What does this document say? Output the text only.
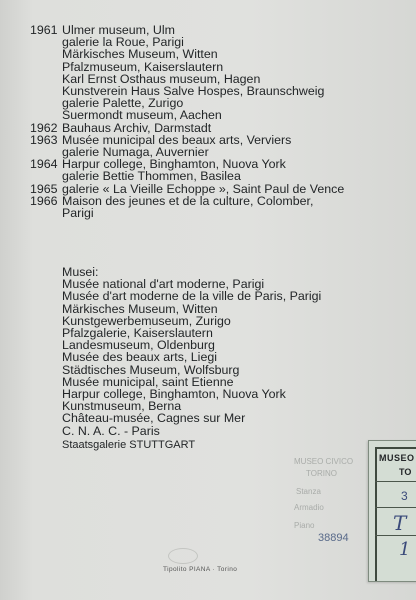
1961 Ulmer museum, Ulm
galerie la Roue, Parigi
Märkisches Museum, Witten
Pfalzmuseum, Kaiserslautern
Karl Ernst Osthaus museum, Hagen
Kunstverein Haus Salve Hospes, Braunschweig
galerie Palette, Zurigo
Suermondt museum, Aachen
1962 Bauhaus Archiv, Darmstadt
1963 Musée municipal des beaux arts, Verviers
galerie Numaga, Auvernier
1964 Harpur college, Binghamton, Nuova York
galerie Bettie Thommen, Basilea
1965 galerie « La Vieille Echoppe », Saint Paul de Vence
1966 Maison des jeunes et de la culture, Colomber,
Parigi
Musei:
Musée national d'art moderne, Parigi
Musée d'art moderne de la ville de Paris, Parigi
Märkisches Museum, Witten
Kunstgewerbemuseum, Zurigo
Pfalzgalerie, Kaiserslautern
Landesmuseum, Oldenburg
Musée des beaux arts, Liegi
Städtisches Museum, Wolfsburg
Musée municipal, saint Etienne
Harpur college, Binghamton, Nuova York
Kunstmuseum, Berna
Château-musée, Cagnes sur Mer
C. N. A. C. - Paris
Staatsgalerie STUTTGART
MUSEO CIVICO
TORINO
Stanza
Armadio
Piano
38894
MUSEO
TO
3
T
1
Tipolito PIANA · Torino
